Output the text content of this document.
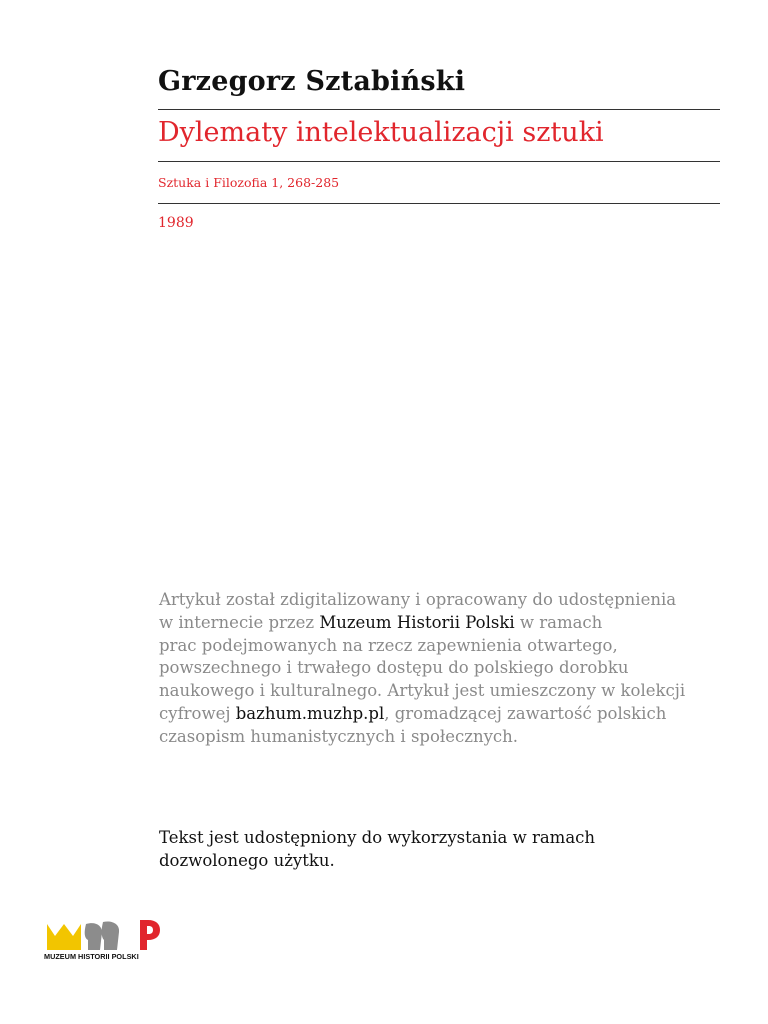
Grzegorz Sztabiński
Dylematy intelektualizacji sztuki
Sztuka i Filozofia 1, 268-285
1989

Artykuł został zdigitalizowany i opracowany do udostępnienia
w internecie przez Muzeum Historii Polski w ramach
prac podejmowanych na rzecz zapewnienia otwartego,
powszechnego i trwałego dostępu do polskiego dorobku
naukowego i kulturalnego. Artykuł jest umieszczony w kolekcji
cyfrowej bazhum.muzhp.pl, gromadzącej zawartość polskich
czasopism humanistycznych i społecznych.

Tekst jest udostępniony do wykorzystania w ramach
dozwolonego użytku.

MUZEUM HISTORII POLSKI
